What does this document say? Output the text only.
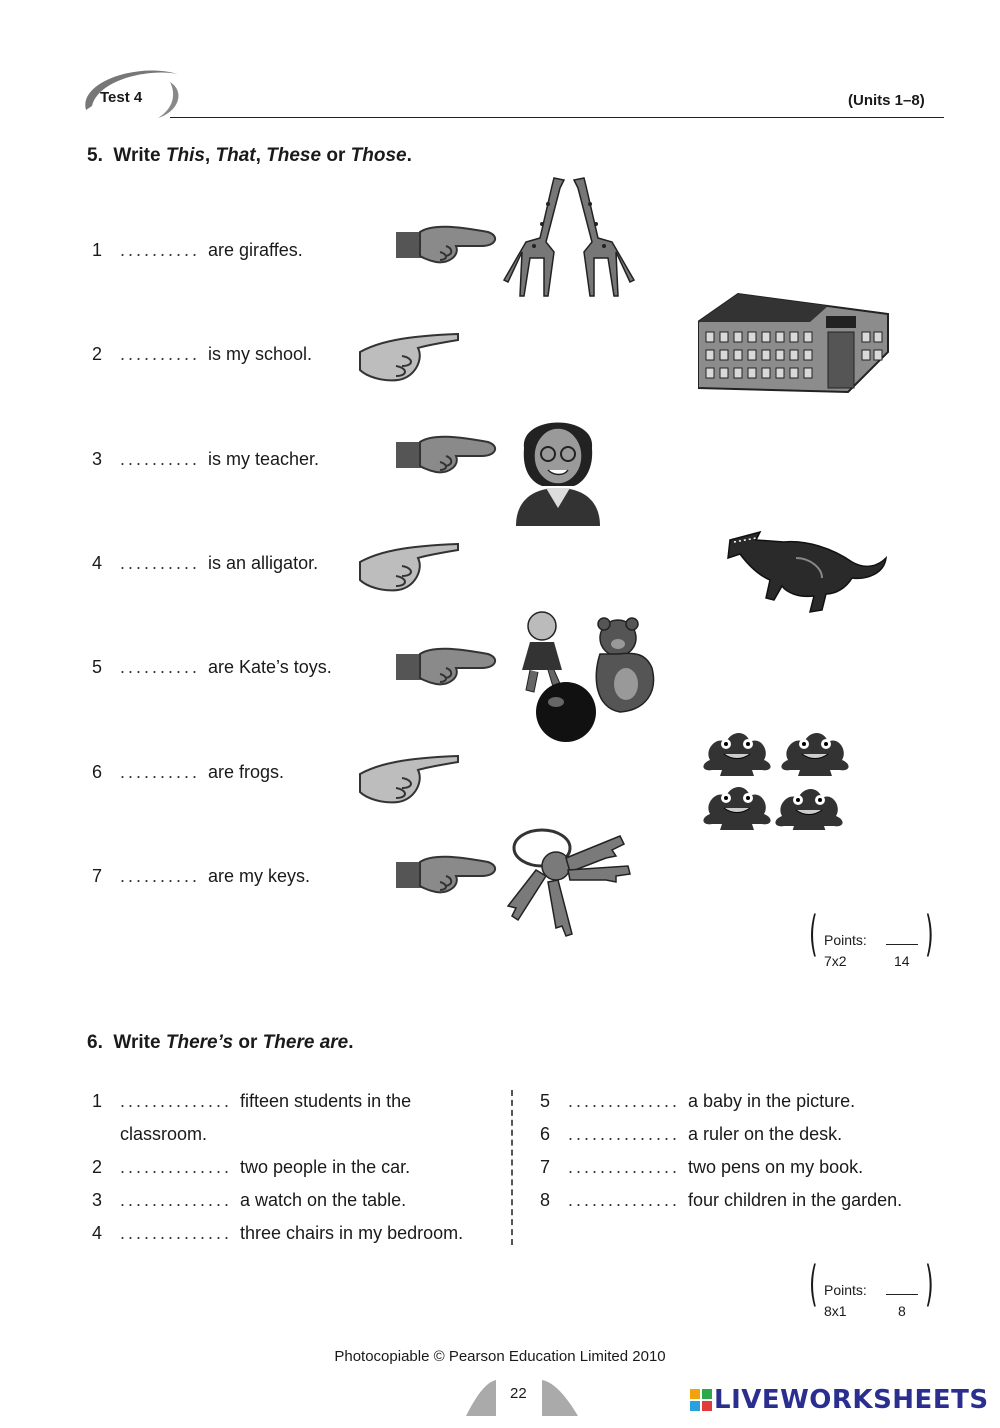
Test 4	(Units 1–8)
5. Write This, That, These or Those.
1 .......... are giraffes.
2 .......... is my school.
3 .......... is my teacher.
4 .......... is an alligator.
5 .......... are Kate’s toys.
6 .......... are frogs.
7 .......... are my keys.
( Points:
7x2	14 )
6. Write There’s or There are.
1 .............. fifteen students in the
classroom.
2 .............. two people in the car.
3 .............. a watch on the table.
4 .............. three chairs in my bedroom.
5 .............. a baby in the picture.
6 .............. a ruler on the desk.
7 .............. two pens on my book.
8 .............. four children in the garden.
( Points:
8x1	8 )
Photocopiable © Pearson Education Limited 2010
22	LIVEWORKSHEETS
